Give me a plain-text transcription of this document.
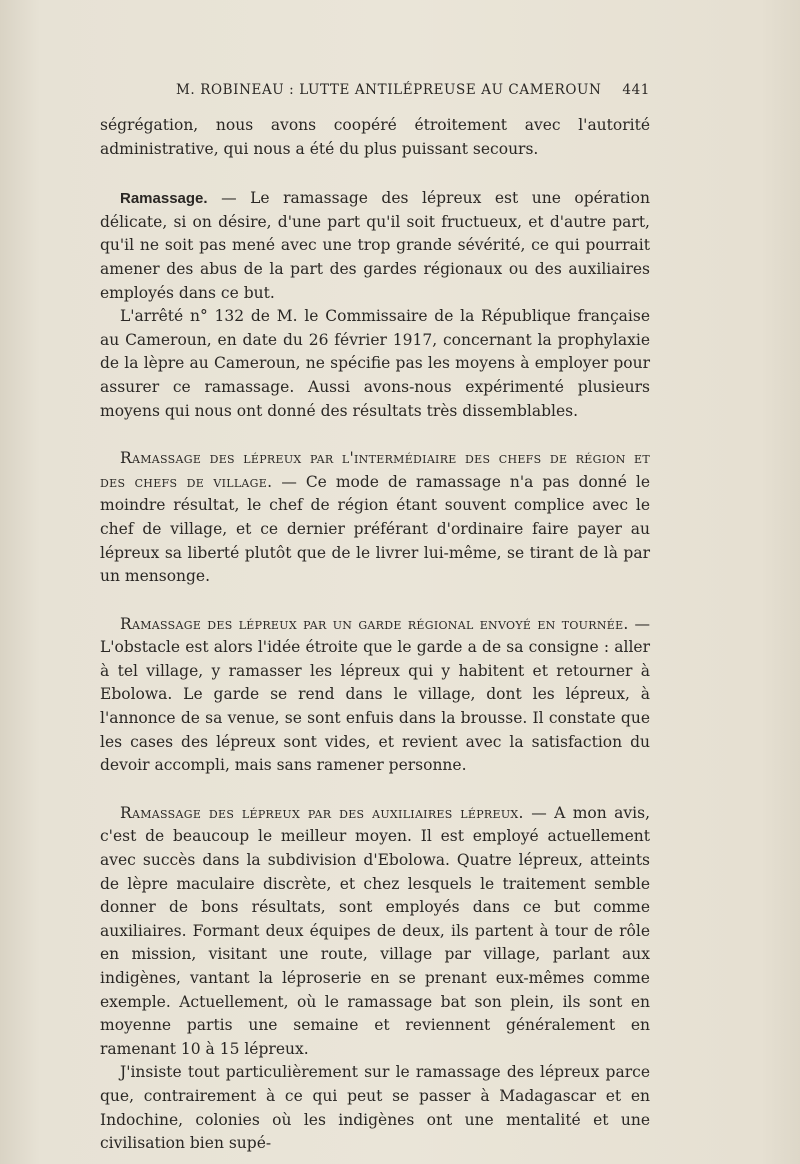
M. ROBINEAU : LUTTE ANTILÉPREUSE AU CAMEROUN 441

ségrégation, nous avons coopéré étroitement avec l'autorité administrative, qui nous a été du plus puissant secours.

Ramassage. — Le ramassage des lépreux est une opération délicate, si on désire, d'une part qu'il soit fructueux, et d'autre part, qu'il ne soit pas mené avec une trop grande sévérité, ce qui pourrait amener des abus de la part des gardes régionaux ou des auxiliaires employés dans ce but.

L'arrêté n° 132 de M. le Commissaire de la République française au Cameroun, en date du 26 février 1917, concernant la prophylaxie de la lèpre au Cameroun, ne spécifie pas les moyens à employer pour assurer ce ramassage. Aussi avons-nous expérimenté plusieurs moyens qui nous ont donné des résultats très dissemblables.

Ramassage des lépreux par l'intermédiaire des chefs de région et des chefs de village. — Ce mode de ramassage n'a pas donné le moindre résultat, le chef de région étant souvent complice avec le chef de village, et ce dernier préférant d'ordinaire faire payer au lépreux sa liberté plutôt que de le livrer lui-même, se tirant de là par un mensonge.

Ramassage des lépreux par un garde régional envoyé en tournée. — L'obstacle est alors l'idée étroite que le garde a de sa consigne : aller à tel village, y ramasser les lépreux qui y habitent et retourner à Ebolowa. Le garde se rend dans le village, dont les lépreux, à l'annonce de sa venue, se sont enfuis dans la brousse. Il constate que les cases des lépreux sont vides, et revient avec la satisfaction du devoir accompli, mais sans ramener personne.

Ramassage des lépreux par des auxiliaires lépreux. — A mon avis, c'est de beaucoup le meilleur moyen. Il est employé actuellement avec succès dans la subdivision d'Ebolowa. Quatre lépreux, atteints de lèpre maculaire discrète, et chez lesquels le traitement semble donner de bons résultats, sont employés dans ce but comme auxiliaires. Formant deux équipes de deux, ils partent à tour de rôle en mission, visitant une route, village par village, parlant aux indigènes, vantant la léproserie en se prenant eux-mêmes comme exemple. Actuellement, où le ramassage bat son plein, ils sont en moyenne partis une semaine et reviennent généralement en ramenant 10 à 15 lépreux.

J'insiste tout particulièrement sur le ramassage des lépreux parce que, contrairement à ce qui peut se passer à Madagascar et en Indochine, colonies où les indigènes ont une mentalité et une civilisation bien supé-
